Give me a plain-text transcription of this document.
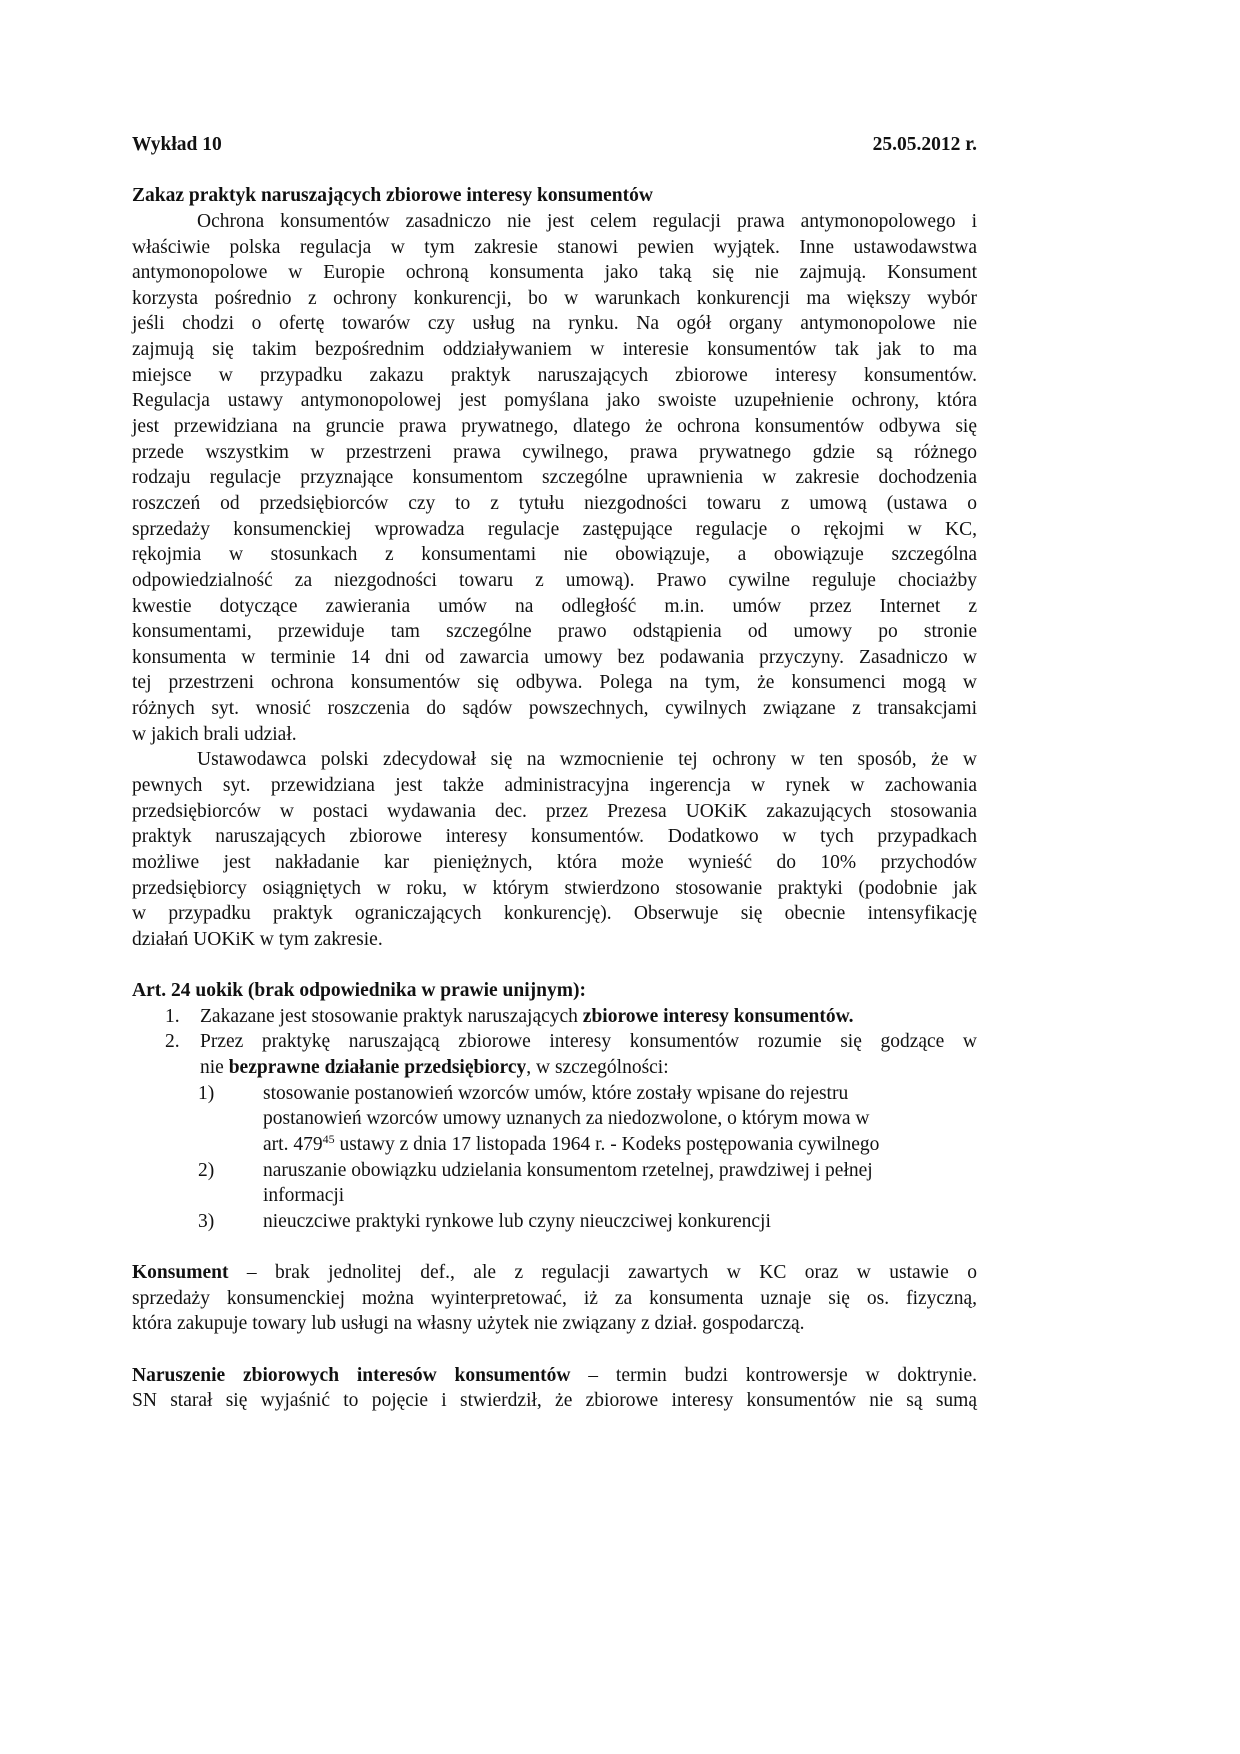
Wykład 10	25.05.2012 r.
Zakaz praktyk naruszających zbiorowe interesy konsumentów
Ochrona konsumentów zasadniczo nie jest celem regulacji prawa antymonopolowego i
właściwie polska regulacja w tym zakresie stanowi pewien wyjątek. Inne ustawodawstwa
antymonopolowe w Europie ochroną konsumenta jako taką się nie zajmują. Konsument
korzysta pośrednio z ochrony konkurencji, bo w warunkach konkurencji ma większy wybór
jeśli chodzi o ofertę towarów czy usług na rynku. Na ogół organy antymonopolowe nie
zajmują się takim bezpośrednim oddziaływaniem w interesie konsumentów tak jak to ma
miejsce w przypadku zakazu praktyk naruszających zbiorowe interesy konsumentów.
Regulacja ustawy antymonopolowej jest pomyślana jako swoiste uzupełnienie ochrony, która
jest przewidziana na gruncie prawa prywatnego, dlatego że ochrona konsumentów odbywa się
przede wszystkim w przestrzeni prawa cywilnego, prawa prywatnego gdzie są różnego
rodzaju regulacje przyznające konsumentom szczególne uprawnienia w zakresie dochodzenia
roszczeń od przedsiębiorców czy to z tytułu niezgodności towaru z umową (ustawa o
sprzedaży konsumenckiej wprowadza regulacje zastępujące regulacje o rękojmi w KC,
rękojmia w stosunkach z konsumentami nie obowiązuje, a obowiązuje szczególna
odpowiedzialność za niezgodności towaru z umową). Prawo cywilne reguluje chociażby
kwestie dotyczące zawierania umów na odległość m.in. umów przez Internet z
konsumentami, przewiduje tam szczególne prawo odstąpienia od umowy po stronie
konsumenta w terminie 14 dni od zawarcia umowy bez podawania przyczyny. Zasadniczo w
tej przestrzeni ochrona konsumentów się odbywa. Polega na tym, że konsumenci mogą w
różnych syt. wnosić roszczenia do sądów powszechnych, cywilnych związane z transakcjami
w jakich brali udział.
Ustawodawca polski zdecydował się na wzmocnienie tej ochrony w ten sposób, że w
pewnych syt. przewidziana jest także administracyjna ingerencja w rynek w zachowania
przedsiębiorców w postaci wydawania dec. przez Prezesa UOKiK zakazujących stosowania
praktyk naruszających zbiorowe interesy konsumentów. Dodatkowo w tych przypadkach
możliwe jest nakładanie kar pieniężnych, która może wynieść do 10% przychodów
przedsiębiorcy osiągniętych w roku, w którym stwierdzono stosowanie praktyki (podobnie jak
w przypadku praktyk ograniczających konkurencję). Obserwuje się obecnie intensyfikację
działań UOKiK w tym zakresie.
Art. 24 uokik (brak odpowiednika w prawie unijnym):
1.	Zakazane jest stosowanie praktyk naruszających zbiorowe interesy konsumentów.
2.	Przez praktykę naruszającą zbiorowe interesy konsumentów rozumie się godzące w
nie bezprawne działanie przedsiębiorcy, w szczególności:
1)	stosowanie postanowień wzorców umów, które zostały wpisane do rejestru
postanowień wzorców umowy uznanych za niedozwolone, o którym mowa w
art. $479^{45}$ ustawy z dnia 17 listopada 1964 r. - Kodeks postępowania cywilnego
2)	naruszanie obowiązku udzielania konsumentom rzetelnej, prawdziwej i pełnej
informacji
3)	nieuczciwe praktyki rynkowe lub czyny nieuczciwej konkurencji
Konsument – brak jednolitej def., ale z regulacji zawartych w KC oraz w ustawie o
sprzedaży konsumenckiej można wyinterpretować, iż za konsumenta uznaje się os. fizyczną,
która zakupuje towary lub usługi na własny użytek nie związany z dział. gospodarczą.
Naruszenie zbiorowych interesów konsumentów – termin budzi kontrowersje w doktrynie.
SN starał się wyjaśnić to pojęcie i stwierdził, że zbiorowe interesy konsumentów nie są sumą
